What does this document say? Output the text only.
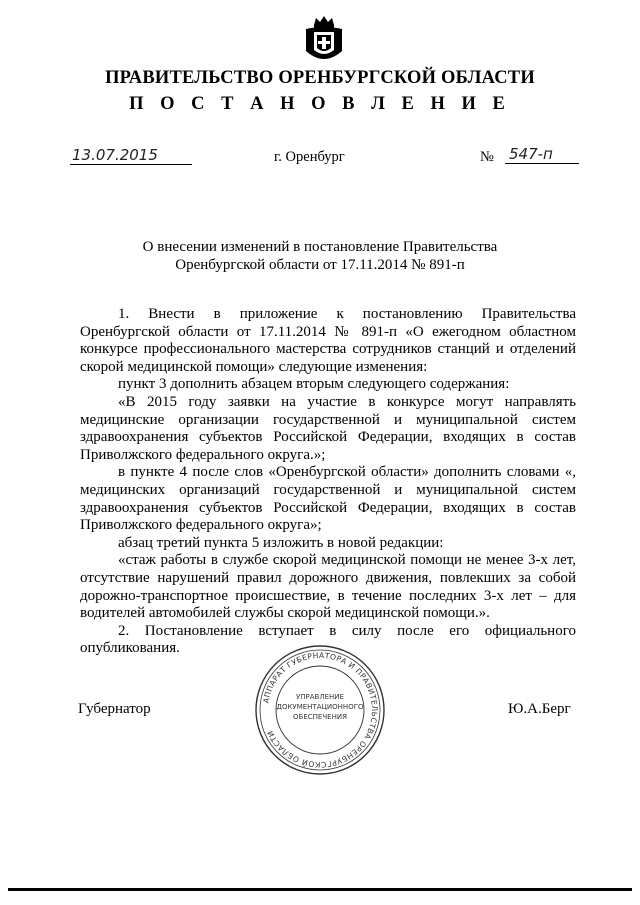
ПРАВИТЕЛЬСТВО ОРЕНБУРГСКОЙ ОБЛАСТИ
П О С Т А Н О В Л Е Н И Е
13.07.2015	г. Оренбург	№ 547-п
О внесении изменений в постановление Правительства
Оренбургской области от 17.11.2014 № 891-п

1. Внести в приложение к постановлению Правительства Оренбургской области от 17.11.2014 № 891-п «О ежегодном областном конкурсе профессионального мастерства сотрудников станций и отделений скорой медицинской помощи» следующие изменения:

пункт 3 дополнить абзацем вторым следующего содержания:

«В 2015 году заявки на участие в конкурсе могут направлять медицинские организации государственной и муниципальной систем здравоохранения субъектов Российской Федерации, входящих в состав Приволжского федерального округа.»;

в пункте 4 после слов «Оренбургской области» дополнить словами «, медицинских организаций государственной и муниципальной систем здравоохранения субъектов Российской Федерации, входящих в состав Приволжского федерального округа»;

абзац третий пункта 5 изложить в новой редакции:

«стаж работы в службе скорой медицинской помощи не менее 3-х лет, отсутствие нарушений правил дорожного движения, повлекших за собой дорожно-транспортное происшествие, в течение последних 3-х лет – для водителей автомобилей службы скорой медицинской помощи.».

2. Постановление вступает в силу после его официального опубликования.

АППАРАТ ГУБЕРНАТОРА И ПРАВИТЕЛЬСТВА ОРЕНБУРГСКОЙ ОБЛАСТИ
УПРАВЛЕНИЕ
ДОКУМЕНТАЦИОННОГО
ОБЕСПЕЧЕНИЯ
Губернатор	Ю.А.Берг
